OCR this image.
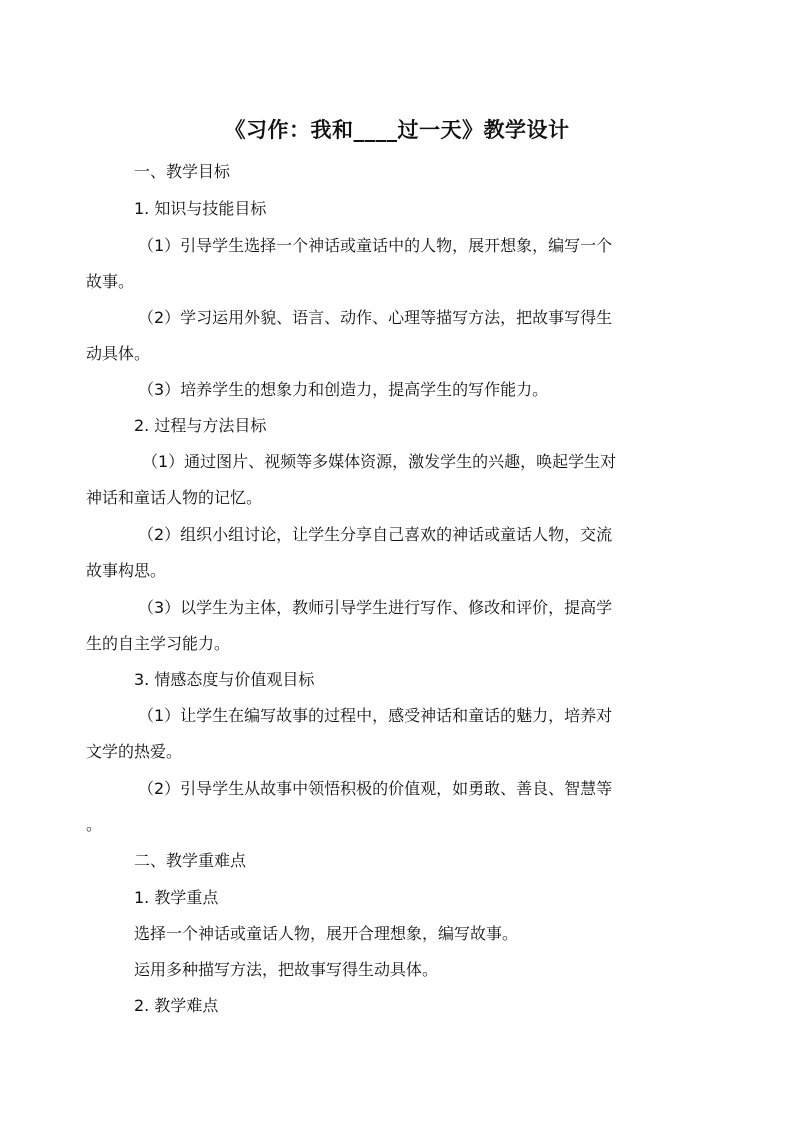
《习作：我和____过一天》教学设计
一、教学目标
1. 知识与技能目标
（1）引导学生选择一个神话或童话中的人物，展开想象，编写一个
故事。
（2）学习运用外貌、语言、动作、心理等描写方法，把故事写得生
动具体。
（3）培养学生的想象力和创造力，提高学生的写作能力。
2. 过程与方法目标
（1）通过图片、视频等多媒体资源，激发学生的兴趣，唤起学生对
神话和童话人物的记忆。
（2）组织小组讨论，让学生分享自己喜欢的神话或童话人物，交流
故事构思。
（3）以学生为主体，教师引导学生进行写作、修改和评价，提高学
生的自主学习能力。
3. 情感态度与价值观目标
（1）让学生在编写故事的过程中，感受神话和童话的魅力，培养对
文学的热爱。
（2）引导学生从故事中领悟积极的价值观，如勇敢、善良、智慧等
。
二、教学重难点
1. 教学重点
选择一个神话或童话人物，展开合理想象，编写故事。
运用多种描写方法，把故事写得生动具体。
2. 教学难点
